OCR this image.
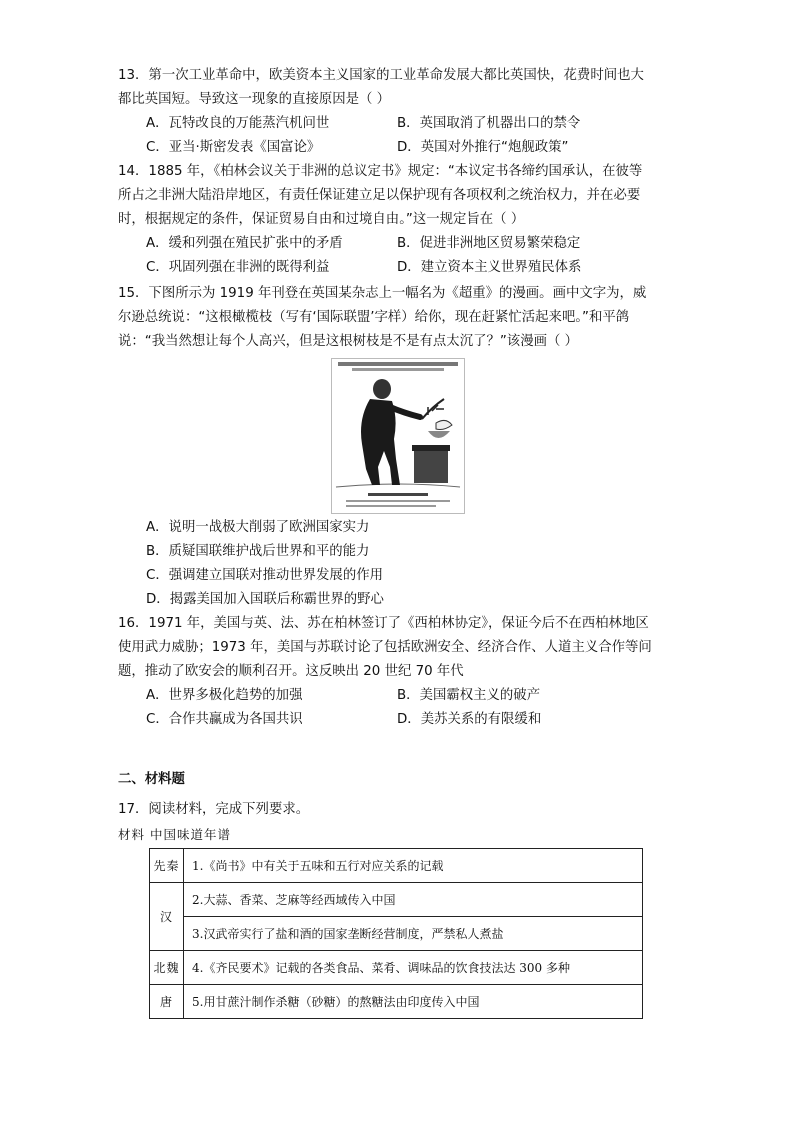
13．第一次工业革命中，欧美资本主义国家的工业革命发展大都比英国快，花费时间也大
都比英国短。导致这一现象的直接原因是（ ）
A．瓦特改良的万能蒸汽机问世	B．英国取消了机器出口的禁令
C．亚当·斯密发表《国富论》	D．英国对外推行“炮舰政策”
14．1885 年，《柏林会议关于非洲的总议定书》规定：“本议定书各缔约国承认，在彼等
所占之非洲大陆沿岸地区，有责任保证建立足以保护现有各项权利之统治权力，并在必要
时，根据规定的条件，保证贸易自由和过境自由。”这一规定旨在（ ）
A．缓和列强在殖民扩张中的矛盾	B．促进非洲地区贸易繁荣稳定
C．巩固列强在非洲的既得利益	D．建立资本主义世界殖民体系
15．下图所示为 1919 年刊登在英国某杂志上一幅名为《超重》的漫画。画中文字为，威
尔逊总统说：“这根橄榄枝（写有‘国际联盟’字样）给你，现在赶紧忙活起来吧。”和平鸽
说：“我当然想让每个人高兴，但是这根树枝是不是有点太沉了？”该漫画（ ）
A．说明一战极大削弱了欧洲国家实力
B．质疑国联维护战后世界和平的能力
C．强调建立国联对推动世界发展的作用
D．揭露美国加入国联后称霸世界的野心
16．1971 年，美国与英、法、苏在柏林签订了《西柏林协定》，保证今后不在西柏林地区
使用武力威胁；1973 年，美国与苏联讨论了包括欧洲安全、经济合作、人道主义合作等问
题，推动了欧安会的顺利召开。这反映出 20 世纪 70 年代
A．世界多极化趋势的加强	B．美国霸权主义的破产
C．合作共赢成为各国共识	D．美苏关系的有限缓和
二、材料题
17．阅读材料，完成下列要求。
材料 中国味道年谱
先秦	1.《尚书》中有关于五味和五行对应关系的记载
汉	2.大蒜、香菜、芝麻等经西域传入中国
	3.汉武帝实行了盐和酒的国家垄断经营制度，严禁私人煮盐
北魏	4.《齐民要术》记载的各类食品、菜肴、调味品的饮食技法达 300 多种
唐	5.用甘蔗汁制作杀糖（砂糖）的熬糖法由印度传入中国
